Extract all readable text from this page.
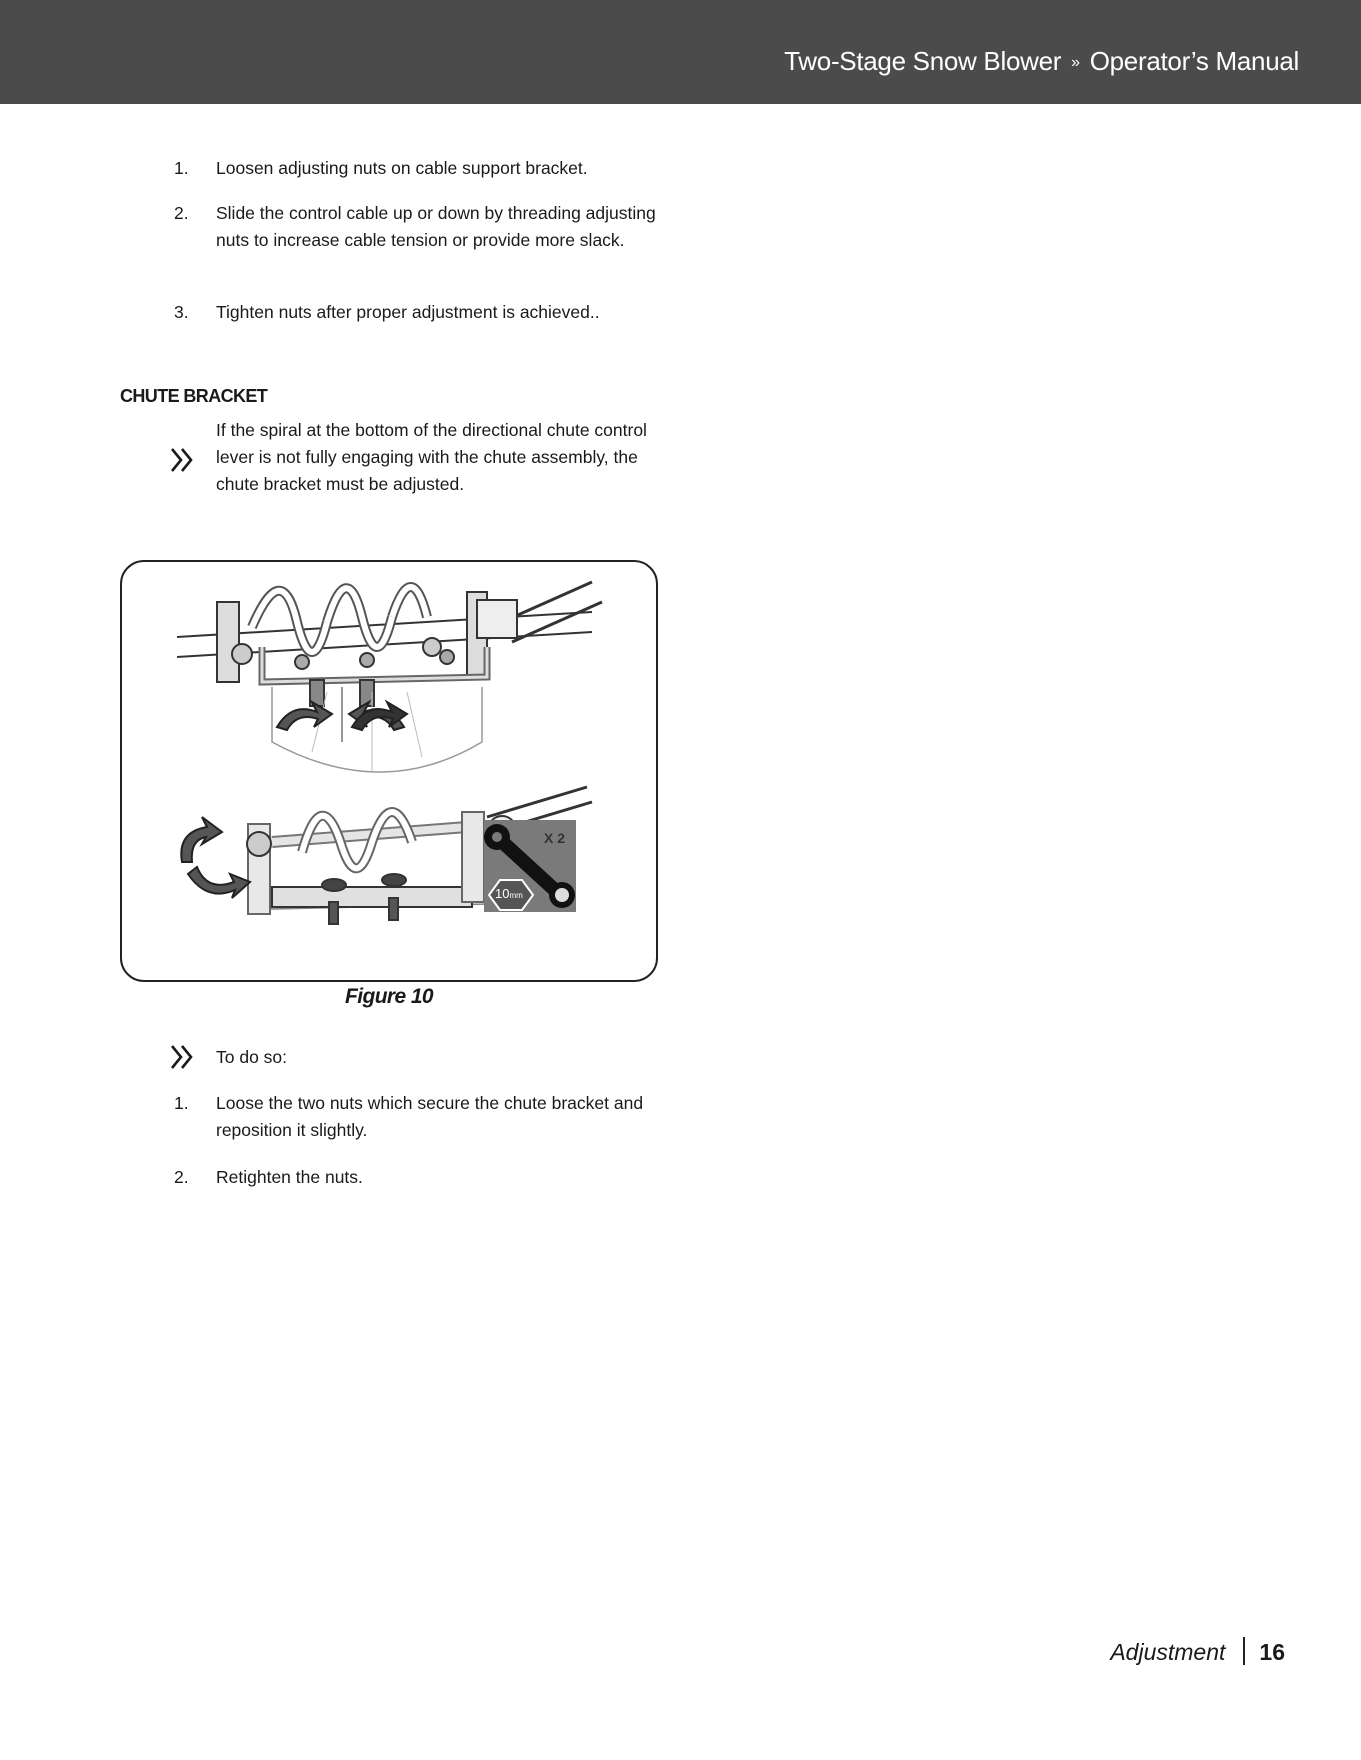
Two-Stage Snow Blower » Operator’s Manual
1.	Loosen adjusting nuts on cable support bracket.
2.	Slide the control cable up or down by threading adjusting nuts to increase cable tension or provide more slack.
3.	Tighten nuts after proper adjustment is achieved..
CHUTE BRACKET
If the spiral at the bottom of the directional chute control lever is not fully engaging with the chute assembly, the chute bracket must be adjusted.
X 2
10mm
Figure 10
To do so:
1.	Loose the two nuts which secure the chute bracket and reposition it slightly.
2.	Retighten the nuts.
Adjustment 16
